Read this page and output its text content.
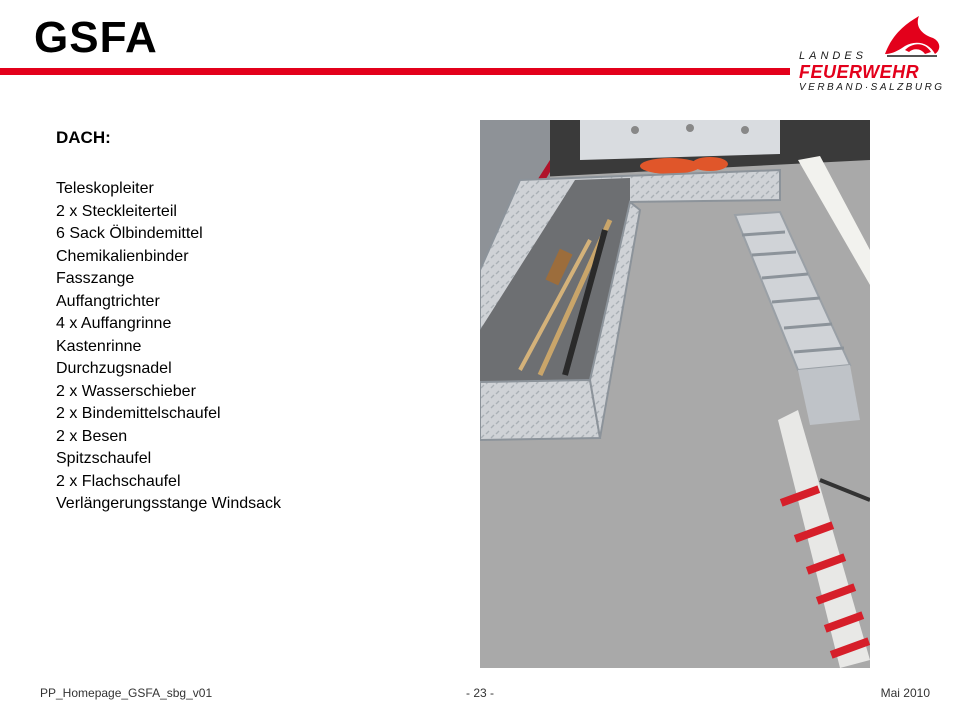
GSFA	LANDES

FEUERWEHR

VERBAND·SALZBURG

DACH:
Teleskopleiter
2 x Steckleiterteil
6 Sack Ölbindemittel
Chemikalienbinder
Fasszange
Auffangtrichter
4 x Auffangrinne
Kastenrinne
Durchzugsnadel
2 x Wasserschieber
2 x Bindemittelschaufel
2 x Besen
Spitzschaufel
2 x Flachschaufel
Verlängerungsstange Windsack

PP_Homepage_GSFA_sbg_v01	- 23 -	Mai 2010
